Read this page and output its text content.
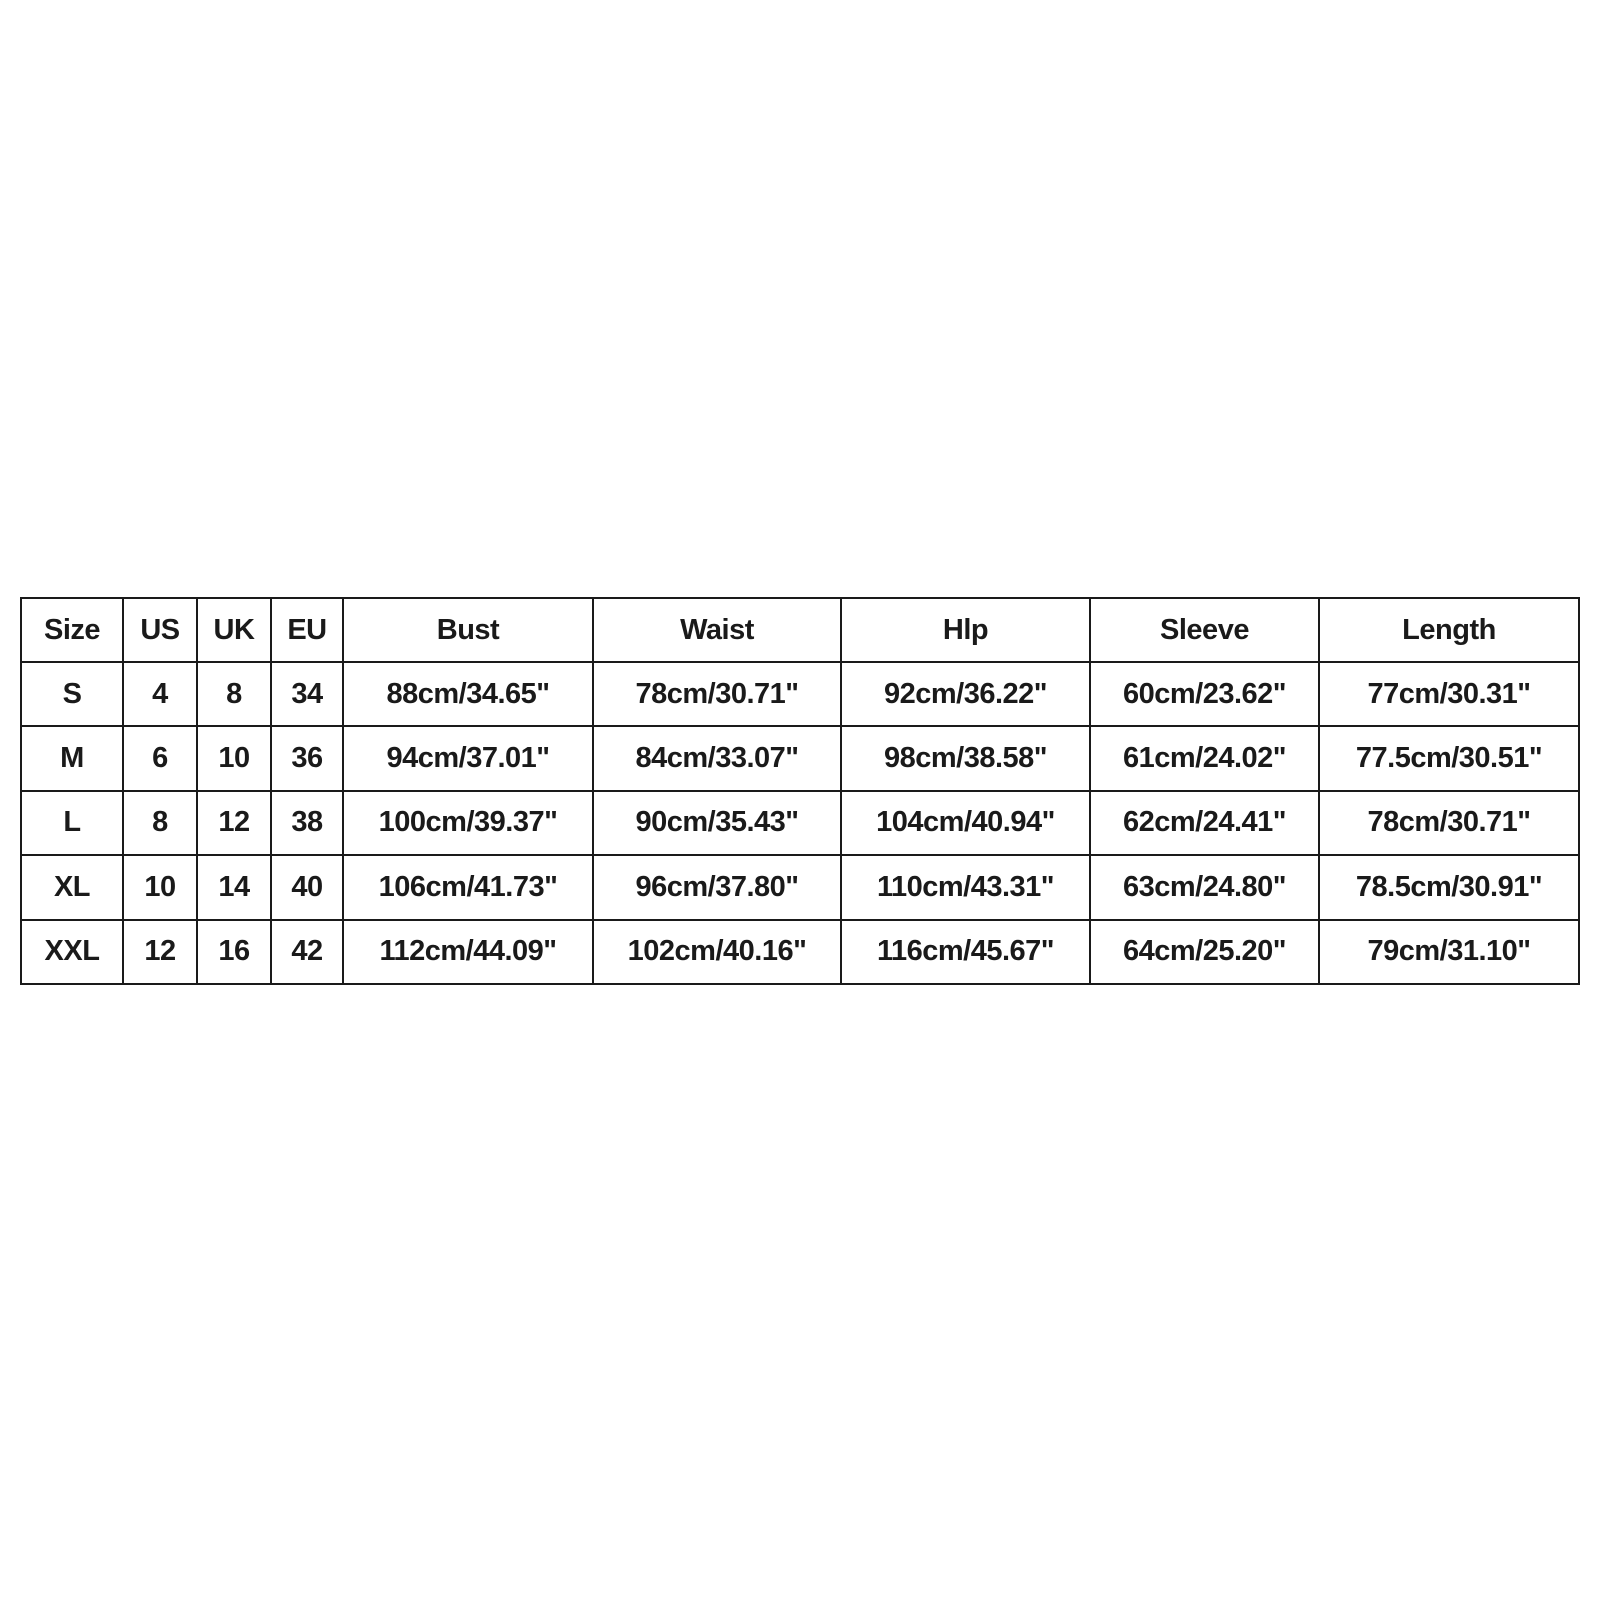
Size	US	UK	EU	Bust	Waist	Hlp	Sleeve	Length
S	4	8	34	88cm/34.65"	78cm/30.71"	92cm/36.22"	60cm/23.62"	77cm/30.31"
M	6	10	36	94cm/37.01"	84cm/33.07"	98cm/38.58"	61cm/24.02"	77.5cm/30.51"
L	8	12	38	100cm/39.37"	90cm/35.43"	104cm/40.94"	62cm/24.41"	78cm/30.71"
XL	10	14	40	106cm/41.73"	96cm/37.80"	110cm/43.31"	63cm/24.80"	78.5cm/30.91"
XXL	12	16	42	112cm/44.09"	102cm/40.16"	116cm/45.67"	64cm/25.20"	79cm/31.10"
